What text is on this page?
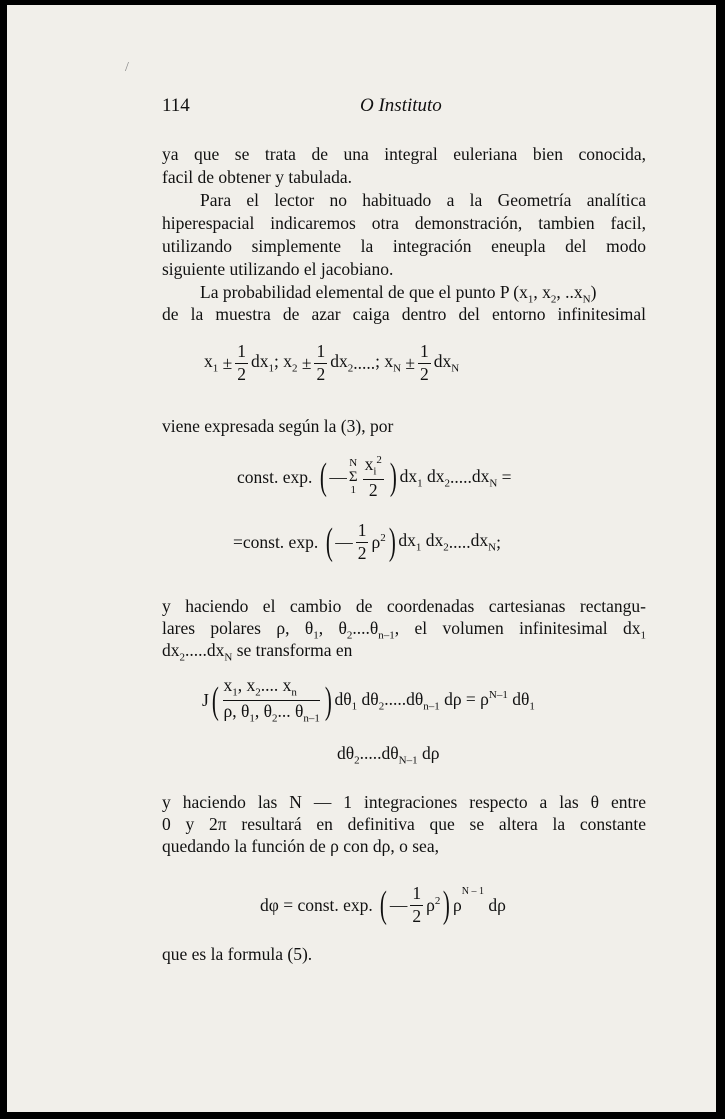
/
114	O Instituto
ya que se trata de una integral euleriana bien conocida,
facil de obtener y tabulada.
Para el lector no habituado a la Geometría analítica
hiperespacial indicaremos otra demonstración, tambien facil,
utilizando simplemente la integración eneupla del modo
siguiente utilizando el jacobiano.
La probabilidad elemental de que el punto P ($x_1$, $x_2$, $..x_N$)
de la muestra de azar caiga dentro del entorno infinitesimal
$x_1$
± $\frac{1}{2} dx_1$; $x_2$
± $\frac{1}{2} dx_2$ ..... ; $x_N$
± $\frac{1}{2} dx_N$
viene expresada según la (3), por
const. exp.
( —
N
Σ
$1 \frac{x_i^2}{2}$ ) $dx_1$ $dx_2$ ..... $dx_N$
=
=const. exp.
( — $\frac{1}{2} \rho^2$ ) $dx_1$ $dx_2$ ..... $dx_N$ ;
y haciendo el cambio de coordenadas cartesianas rectangu-
lares polares ρ, $\theta_1$, $\theta_2....\theta_{n-1}$, el volumen infinitesimal $dx_1$
$dx_2.....dx_N$ se transforma en
J ( $x_1$, $x_2$.... $x_n$
ρ, $\theta_1$, $\theta_2$... $\theta_{n-1}$ ) $d\theta_1$ $d\theta_2.....d\theta_{n-1}$ $d\rho = \rho^{N-1}$ $d\theta_1$
$d\theta_2.....d\theta_{N-1}$ dρ
y haciendo las N — 1 integraciones respecto a las θ entre
0 y 2π resultará en definitiva que se altera la constante
quedando la función de ρ con dρ, o sea,
dφ = const. exp.
( — $\frac{1}{2} \rho^2$ ) ρ
$^{N - 1}$

dρ
que es la formula (5).
